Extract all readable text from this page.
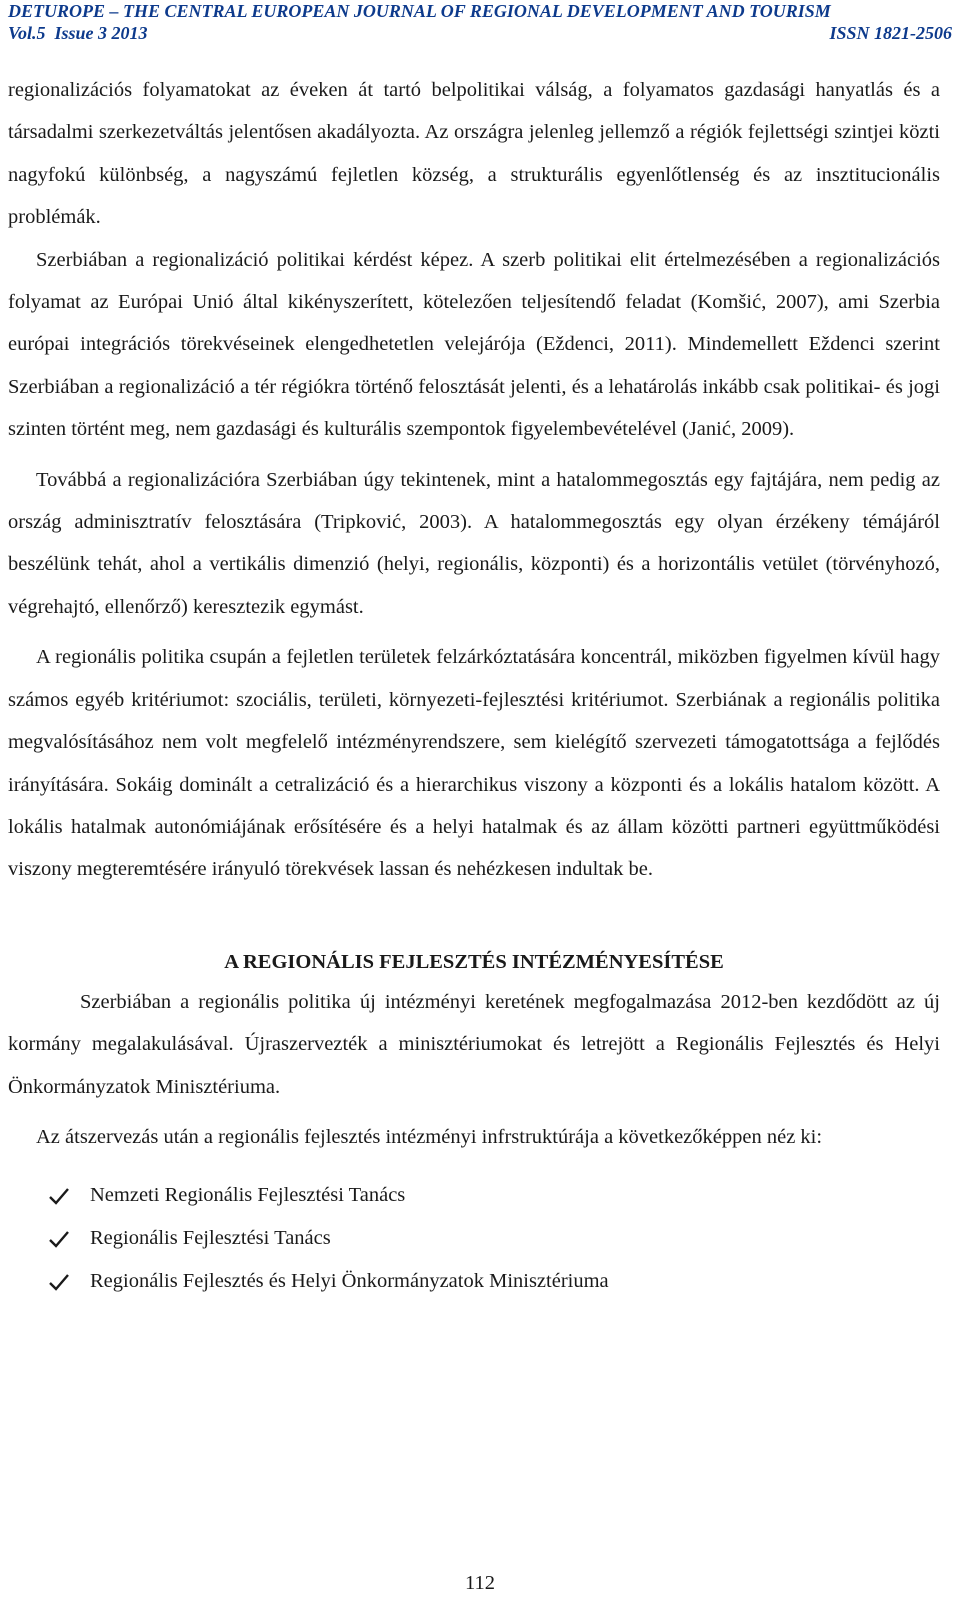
DETUROPE – THE CENTRAL EUROPEAN JOURNAL OF REGIONAL DEVELOPMENT AND TOURISM
Vol.5  Issue 3 2013	ISSN 1821-2506

regionalizációs folyamatokat az éveken át tartó belpolitikai válság, a folyamatos gazdasági hanyatlás és a társadalmi szerkezetváltás jelentősen akadályozta. Az országra jelenleg jellemző a régiók fejlettségi szintjei közti nagyfokú különbség, a nagyszámú fejletlen község, a strukturális egyenlőtlenség és az insztitucionális problémák.

Szerbiában a regionalizáció politikai kérdést képez. A szerb politikai elit értelmezésében a regionalizációs folyamat az Európai Unió által kikényszerített, kötelezően teljesítendő feladat (Komšić, 2007), ami Szerbia európai integrációs törekvéseinek elengedhetetlen velejárója (Eždenci, 2011). Mindemellett Eždenci szerint Szerbiában a regionalizáció a tér régiókra történő felosztását jelenti, és a lehatárolás inkább csak politikai- és jogi szinten történt meg, nem gazdasági és kulturális szempontok figyelembevételével (Janić, 2009).

Továbbá a regionalizációra Szerbiában úgy tekintenek, mint a hatalommegosztás egy fajtájára, nem pedig az ország adminisztratív felosztására (Tripković, 2003). A hatalommegosztás egy olyan érzékeny témájáról beszélünk tehát, ahol a vertikális dimenzió (helyi, regionális, központi) és a horizontális vetület (törvényhozó, végrehajtó, ellenőrző) keresztezik egymást.

A regionális politika csupán a fejletlen területek felzárkóztatására koncentrál, miközben figyelmen kívül hagy számos egyéb kritériumot: szociális, területi, környezeti-fejlesztési kritériumot. Szerbiának a regionális politika megvalósításához nem volt megfelelő intézményrendszere, sem kielégítő szervezeti támogatottsága a fejlődés irányítására. Sokáig dominált a cetralizáció és a hierarchikus viszony a központi és a lokális hatalom között. A lokális hatalmak autonómiájának erősítésére és a helyi hatalmak és az állam közötti partneri együttműködési viszony megteremtésére irányuló törekvések lassan és nehézkesen indultak be.

A REGIONÁLIS FEJLESZTÉS INTÉZMÉNYESÍTÉSE

Szerbiában a regionális politika új intézményi keretének megfogalmazása 2012-ben kezdődött az új kormány megalakulásával. Újraszervezték a minisztériumokat és letrejött a Regionális Fejlesztés és Helyi Önkormányzatok Minisztériuma.

Az átszervezás után a regionális fejlesztés intézményi infrstruktúrája a következőképpen néz ki:

Nemzeti Regionális Fejlesztési Tanács
Regionális Fejlesztési Tanács
Regionális Fejlesztés és Helyi Önkormányzatok Minisztériuma
112
